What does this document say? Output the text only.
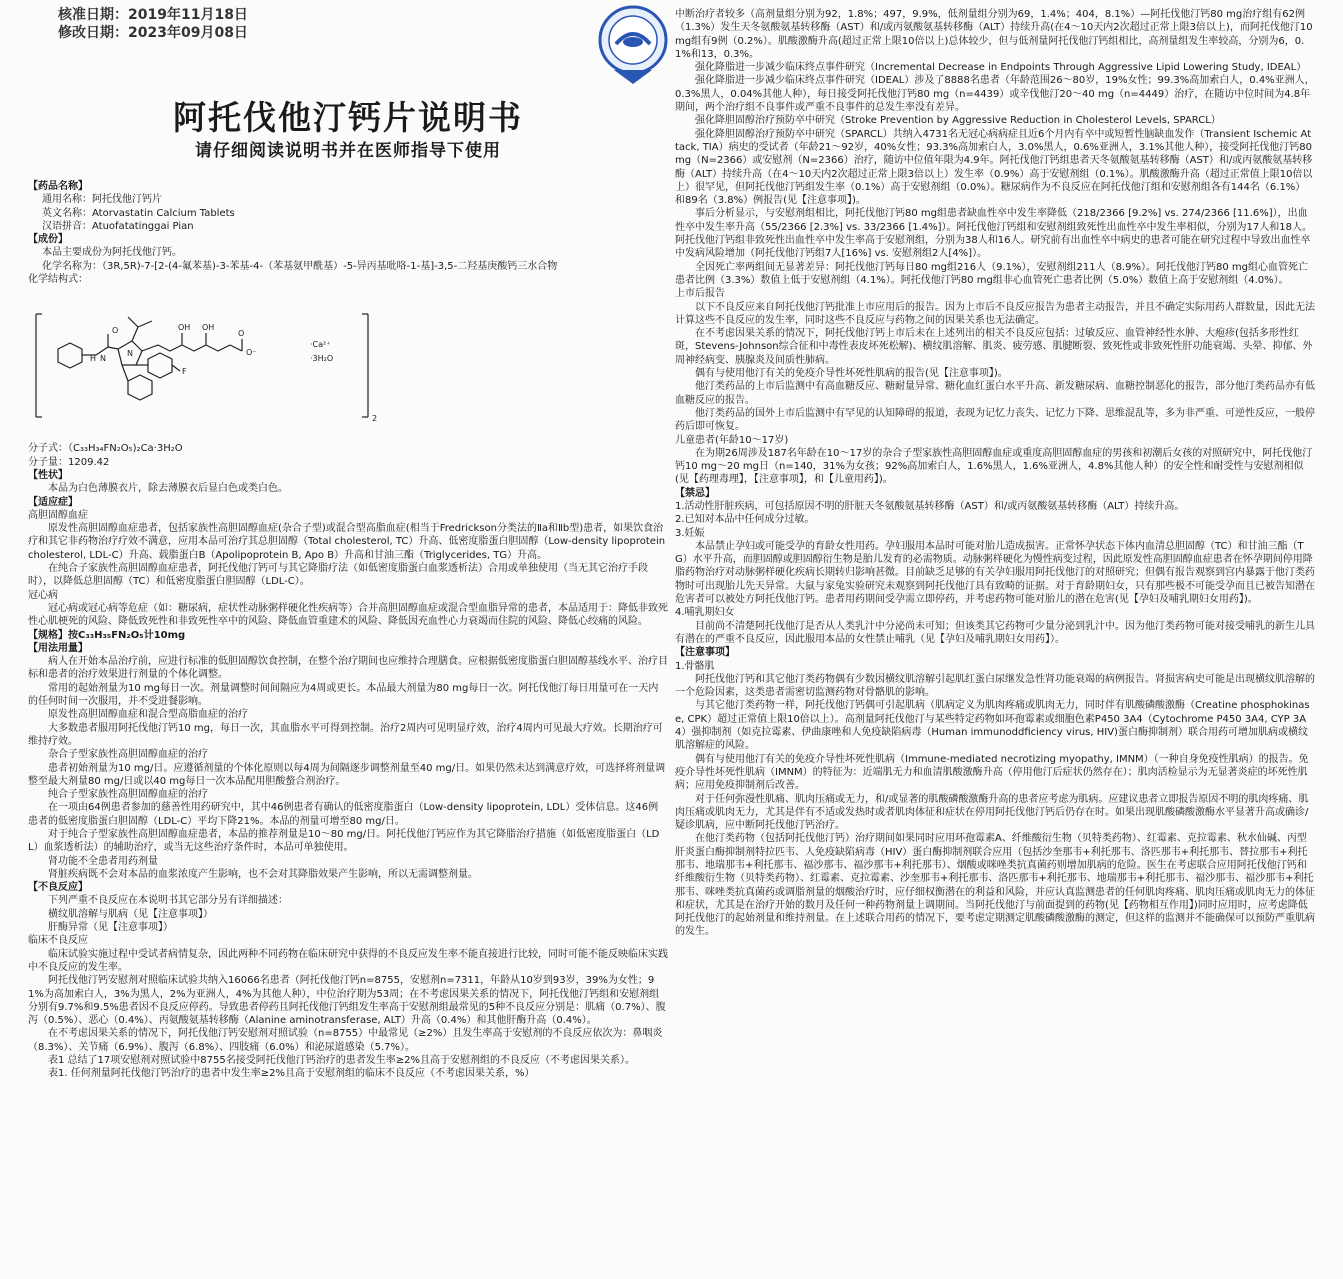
核准日期：2019年11月18日
修改日期：2023年09月08日
阿托伐他汀钙片说明书
请仔细阅读说明书并在医师指导下使用

【药品名称】

通用名称：阿托伐他汀钙片

英文名称：Atorvastatin Calcium Tablets

汉语拼音：Atuofatatinggai Pian

【成份】

本品主要成份为阿托伐他汀钙。

化学名称为：（3R,5R)-7-[2-(4-氟苯基)-3-苯基-4-（苯基氨甲酰基）-5-异丙基吡咯-1-基]-3,5-二羟基庚酸钙三水合物

化学结构式：

H N
O
N
F
OH OH
O
O⁻
·Ca²⁺
·3H₂O
2

分子式：（C₃₃H₃₄FN₂O₅)₂Ca·3H₂O

分子量：1209.42

【性状】

本品为白色薄膜衣片，除去薄膜衣后显白色或类白色。

【适应症】

高胆固醇血症

原发性高胆固醇血症患者，包括家族性高胆固醇血症(杂合子型)或混合型高脂血症(相当于Fredrickson分类法的Ⅱa和Ⅱb型)患者，如果饮食治疗和其它非药物治疗疗效不满意，应用本品可治疗其总胆固醇（Total cholesterol, TC）升高、低密度脂蛋白胆固醇（Low-density lipoprotein cholesterol, LDL-C）升高、载脂蛋白B（Apolipoprotein B, Apo B）升高和甘油三酯（Triglycerides, TG）升高。

在纯合子家族性高胆固醇血症患者，阿托伐他汀钙可与其它降脂疗法（如低密度脂蛋白血浆透析法）合用或单独使用（当无其它治疗手段时），以降低总胆固醇（TC）和低密度脂蛋白胆固醇（LDL-C）。

冠心病

冠心病或冠心病等危症（如：糖尿病，症状性动脉粥样硬化性疾病等）合并高胆固醇血症或混合型血脂异常的患者，本品适用于：降低非致死性心肌梗死的风险、降低致死性和非致死性卒中的风险、降低血管重建术的风险、降低因充血性心力衰竭而住院的风险、降低心绞痛的风险。

【规格】按C₃₃H₃₅FN₂O₅计10mg

【用法用量】

病人在开始本品治疗前，应进行标准的低胆固醇饮食控制，在整个治疗期间也应维持合理膳食。应根据低密度脂蛋白胆固醇基线水平、治疗目标和患者的治疗效果进行剂量的个体化调整。

常用的起始剂量为10 mg每日一次。剂量调整时间间隔应为4周或更长。本品最大剂量为80 mg每日一次。阿托伐他汀每日用量可在一天内的任何时间一次服用，并不受进餐影响。

原发性高胆固醇血症和混合型高脂血症的治疗

大多数患者服用阿托伐他汀钙10 mg，每日一次，其血脂水平可得到控制。治疗2周内可见明显疗效，治疗4周内可见最大疗效。长期治疗可维持疗效。

杂合子型家族性高胆固醇血症的治疗

患者初始剂量为10 mg/日。应遵循剂量的个体化原则以每4周为间隔逐步调整剂量至40 mg/日。如果仍然未达到满意疗效，可选择将剂量调整至最大剂量80 mg/日或以40 mg每日一次本品配用胆酸螯合剂治疗。

纯合子型家族性高胆固醇血症的治疗

在一项由64例患者参加的慈善性用药研究中，其中46例患者有确认的低密度脂蛋白（Low-density lipoprotein, LDL）受体信息。这46例患者的低密度脂蛋白胆固醇（LDL-C）平均下降21%。本品的剂量可增至80 mg/日。

对于纯合子型家族性高胆固醇血症患者，本品的推荐剂量是10～80 mg/日。阿托伐他汀钙应作为其它降脂治疗措施（如低密度脂蛋白（LDL）血浆透析法）的辅助治疗，或当无这些治疗条件时，本品可单独使用。

肾功能不全患者用药剂量

肾脏疾病既不会对本品的血浆浓度产生影响，也不会对其降脂效果产生影响，所以无需调整剂量。

【不良反应】

下列严重不良反应在本说明书其它部分另有详细描述：

横纹肌溶解与肌病（见【注意事项】）

肝酶异常（见【注意事项】）

临床不良反应

临床试验实施过程中受试者病情复杂，因此两种不同药物在临床研究中获得的不良反应发生率不能直接进行比较，同时可能不能反映临床实践中不良反应的发生率。

阿托伐他汀钙安慰剂对照临床试验共纳入16066名患者（阿托伐他汀钙n=8755，安慰剂n=7311，年龄从10岁到93岁，39%为女性；91%为高加索白人，3%为黑人，2%为亚洲人，4%为其他人种），中位治疗期为53周；在不考虑因果关系的情况下，阿托伐他汀钙组和安慰剂组分别有9.7%和9.5%患者因不良反应停药。导致患者停药且阿托伐他汀钙组发生率高于安慰剂组最常见的5种不良反应分别是：肌痛（0.7%）、腹泻（0.5%）、恶心（0.4%）、丙氨酸氨基转移酶（Alanine aminotransferase, ALT）升高（0.4%）和其他肝酶升高（0.4%）。

在不考虑因果关系的情况下，阿托伐他汀钙安慰剂对照试验（n=8755）中最常见（≥2%）且发生率高于安慰剂的不良反应依次为：鼻咽炎（8.3%）、关节痛（6.9%）、腹泻（6.8%）、四肢痛（6.0%）和泌尿道感染（5.7%）。

表1 总结了17项安慰剂对照试验中8755名接受阿托伐他汀钙治疗的患者发生率≥2%且高于安慰剂组的不良反应（不考虑因果关系）。

表1. 任何剂量阿托伐他汀钙治疗的患者中发生率≥2%且高于安慰剂组的临床不良反应（不考虑因果关系，%）

中断治疗者较多（高剂量组分别为92，1.8%；497，9.9%，低剂量组分别为69，1.4%；404，8.1%）—阿托伐他汀钙80 mg治疗组有62例（1.3%）发生天冬氨酸氨基转移酶（AST）和/或丙氨酸氨基转移酶（ALT）持续升高(在4～10天内2次超过正常上限3倍以上)，而阿托伐他汀10 mg组有9例（0.2%）。肌酸激酶升高(超过正常上限10倍以上)总体较少，但与低剂量阿托伐他汀钙组相比，高剂量组发生率较高，分别为6，0.1%和13，0.3%。

强化降脂进一步减少临床终点事件研究（Incremental Decrease in Endpoints Through Aggressive Lipid Lowering Study, IDEAL）

强化降脂进一步减少临床终点事件研究（IDEAL）涉及了8888名患者（年龄范围26～80岁，19%女性；99.3%高加索白人，0.4%亚洲人，0.3%黑人，0.04%其他人种），每日接受阿托伐他汀钙80 mg（n=4439）或辛伐他汀20～40 mg（n=4449）治疗，在随访中位时间为4.8年期间，两个治疗组不良事件或严重不良事件的总发生率没有差异。

强化降胆固醇治疗预防卒中研究（Stroke Prevention by Aggressive Reduction in Cholesterol Levels, SPARCL）

强化降胆固醇治疗预防卒中研究（SPARCL）共纳入4731名无冠心病病症且近6个月内有卒中或短暂性脑缺血发作（Transient Ischemic Attack, TIA）病史的受试者（年龄21～92岁，40%女性；93.3%高加索白人，3.0%黑人，0.6%亚洲人，3.1%其他人种），接受阿托伐他汀钙80mg（N=2366）或安慰剂（N=2366）治疗，随访中位值年限为4.9年。阿托伐他汀钙组患者天冬氨酸氨基转移酶（AST）和/或丙氨酸氨基转移酶（ALT）持续升高（在4～10天内2次超过正常上限3倍以上）发生率（0.9%）高于安慰剂组（0.1%）。肌酸激酶升高（超过正常值上限10倍以上）很罕见，但阿托伐他汀钙组发生率（0.1%）高于安慰剂组（0.0%）。糖尿病作为不良反应在阿托伐他汀组和安慰剂组各有144名（6.1%）和89名（3.8%）例报告(见【注意事项】)。

事后分析显示，与安慰剂组相比，阿托伐他汀钙80 mg组患者缺血性卒中发生率降低（218/2366 [9.2%] vs. 274/2366 [11.6%]），出血性卒中发生率升高（55/2366 [2.3%] vs. 33/2366 [1.4%]）。阿托伐他汀钙组和安慰剂组致死性出血性卒中发生率相似，分别为17人和18人。阿托伐他汀钙组非致死性出血性卒中发生率高于安慰剂组，分别为38人和16人。研究前有出血性卒中病史的患者可能在研究过程中导致出血性卒中发病风险增加（阿托伐他汀钙组7人[16%] vs. 安慰剂组2人[4%]）。

全因死亡率两组间无显著差异：阿托伐他汀钙每日80 mg组216人（9.1%），安慰剂组211人（8.9%）。阿托伐他汀钙80 mg组心血管死亡患者比例（3.3%）数值上低于安慰剂组（4.1%）。阿托伐他汀钙80 mg组非心血管死亡患者比例（5.0%）数值上高于安慰剂组（4.0%）。

上市后报告

以下不良反应来自阿托伐他汀钙批准上市应用后的报告。因为上市后不良反应报告为患者主动报告，并且不确定实际用药人群数量，因此无法计算这些不良反应的发生率，同时这些不良反应与药物之间的因果关系也无法确定。

在不考虑因果关系的情况下，阿托伐他汀钙上市后未在上述列出的相关不良反应包括：过敏反应、血管神经性水肿、大疱疹(包括多形性红斑，Stevens-Johnson综合征和中毒性表皮坏死松解)、横纹肌溶解、肌炎、疲劳感、肌腱断裂、致死性或非致死性肝功能衰竭、头晕、抑郁、外周神经病变、胰腺炎及间质性肺病。

偶有与使用他汀有关的免疫介导性坏死性肌病的报告(见【注意事项】)。

他汀类药品的上市后监测中有高血糖反应、糖耐量异常、糖化血红蛋白水平升高、新发糖尿病、血糖控制恶化的报告，部分他汀类药品亦有低血糖反应的报告。

他汀类药品的国外上市后监测中有罕见的认知障碍的报道，表现为记忆力丧失、记忆力下降、思维混乱等，多为非严重、可逆性反应，一般停药后即可恢复。

儿童患者(年龄10～17岁)

在为期26周涉及187名年龄在10～17岁的杂合子型家族性高胆固醇血症或重度高胆固醇血症的男孩和初潮后女孩的对照研究中，阿托伐他汀钙10 mg～20 mg日（n=140，31%为女孩；92%高加索白人，1.6%黑人，1.6%亚洲人，4.8%其他人种）的安全性和耐受性与安慰剂相似(见【药理毒理】，【注意事项】，和【儿童用药】)。

【禁忌】

1.活动性肝脏疾病，可包括原因不明的肝脏天冬氨酸氨基转移酶（AST）和/或丙氨酸氨基转移酶（ALT）持续升高。

2.已知对本品中任何成分过敏。

3.妊娠

本品禁止孕妇或可能受孕的育龄女性用药。孕妇服用本品时可能对胎儿造成损害。正常怀孕状态下体内血清总胆固醇（TC）和甘油三酯（TG）水平升高，而胆固醇或胆固醇衍生物是胎儿发育的必需物质。动脉粥样硬化为慢性病变过程，因此原发性高胆固醇血症患者在怀孕期间停用降脂药物治疗对动脉粥样硬化疾病长期转归影响甚微。目前缺乏足够的有关孕妇服用阿托伐他汀的对照研究；但偶有报告观察到宫内暴露于他汀类药物时可出现胎儿先天异常。大鼠与家兔实验研究未观察到阿托伐他汀具有致畸的证据。对于育龄期妇女，只有那些极不可能受孕而且已被告知潜在危害者可以被处方阿托伐他汀钙。患者用药期间受孕需立即停药，并考虑药物可能对胎儿的潜在危害(见【孕妇及哺乳期妇女用药】)。

4.哺乳期妇女

目前尚不清楚阿托伐他汀是否从人类乳汁中分泌尚未可知；但该类其它药物可少量分泌到乳汁中。因为他汀类药物可能对接受哺乳的新生儿具有潜在的严重不良反应，因此服用本品的女性禁止哺乳（见【孕妇及哺乳期妇女用药】）。

【注意事项】

1.骨骼肌

阿托伐他汀钙和其它他汀类药物偶有少数因横纹肌溶解引起肌红蛋白尿继发急性肾功能衰竭的病例报告。肾损害病史可能是出现横纹肌溶解的一个危险因素，这类患者需密切监测药物对骨骼肌的影响。

与其它他汀类药物一样，阿托伐他汀钙偶可引起肌病（肌病定义为肌肉疼痛或肌肉无力，同时伴有肌酸磷酸激酶（Creatine phosphokinase, CPK）超过正常值上限10倍以上）。高剂量阿托伐他汀与某些特定药物如环孢霉素或细胞色素P450 3A4（Cytochrome P450 3A4, CYP 3A4）强抑制剂（如克拉霉素、伊曲康唑和人免疫缺陷病毒（Human immunoddficiency virus, HIV)蛋白酶抑制剂）联合用药可增加肌病或横纹肌溶解症的风险。

偶有与使用他汀有关的免疫介导性坏死性肌病（Immune-mediated necrotizing myopathy, IMNM）（一种自身免疫性肌病）的报告。免疫介导性坏死性肌病（IMNM）的特征为：近端肌无力和血清肌酸激酶升高（停用他汀后症状仍然存在）；肌肉活检显示为无显著炎症的坏死性肌病；应用免疫抑制剂后改善。

对于任何弥漫性肌痛、肌肉压痛或无力，和/或显著的肌酸磷酸激酶升高的患者应考虑为肌病。应建议患者立即报告原因不明的肌肉疼痛、肌肉压痛或肌肉无力，尤其是伴有不适或发热时或者肌肉体征和症状在停用阿托伐他汀钙后仍存在时。如果出现肌酸磷酸激酶水平显著升高或确诊/疑诊肌病，应中断阿托伐他汀钙治疗。

在他汀类药物（包括阿托伐他汀钙）治疗期间如果同时应用环孢霉素A、纤维酸衍生物（贝特类药物）、红霉素、克拉霉素、秋水仙碱、丙型肝炎蛋白酶抑制剂特拉匹韦、人免疫缺陷病毒（HIV）蛋白酶抑制剂联合应用（包括沙奎那韦+利托那韦、洛匹那韦+利托那韦、替拉那韦+利托那韦、地瑞那韦+利托那韦、福沙那韦、福沙那韦+利托那韦）、烟酸或咪唑类抗真菌药则增加肌病的危险。医生在考虑联合应用阿托伐他汀钙和纤维酸衍生物（贝特类药物）、红霉素、克拉霉素、沙奎那韦+利托那韦、洛匹那韦+利托那韦、地瑞那韦+利托那韦、福沙那韦、福沙那韦+利托那韦、咪唑类抗真菌药或调脂剂量的烟酸治疗时，应仔细权衡潜在的利益和风险，并应认真监测患者的任何肌肉疼痛、肌肉压痛或肌肉无力的体征和症状，尤其是在治疗开始的数月及任何一种药物剂量上调期间。当阿托伐他汀与前面提到的药物(见【药物相互作用】)同时应用时，应考虑降低阿托伐他汀的起始剂量和维持剂量。在上述联合用药的情况下，要考虑定期测定肌酸磷酸激酶的测定，但这样的监测并不能确保可以预防严重肌病的发生。
